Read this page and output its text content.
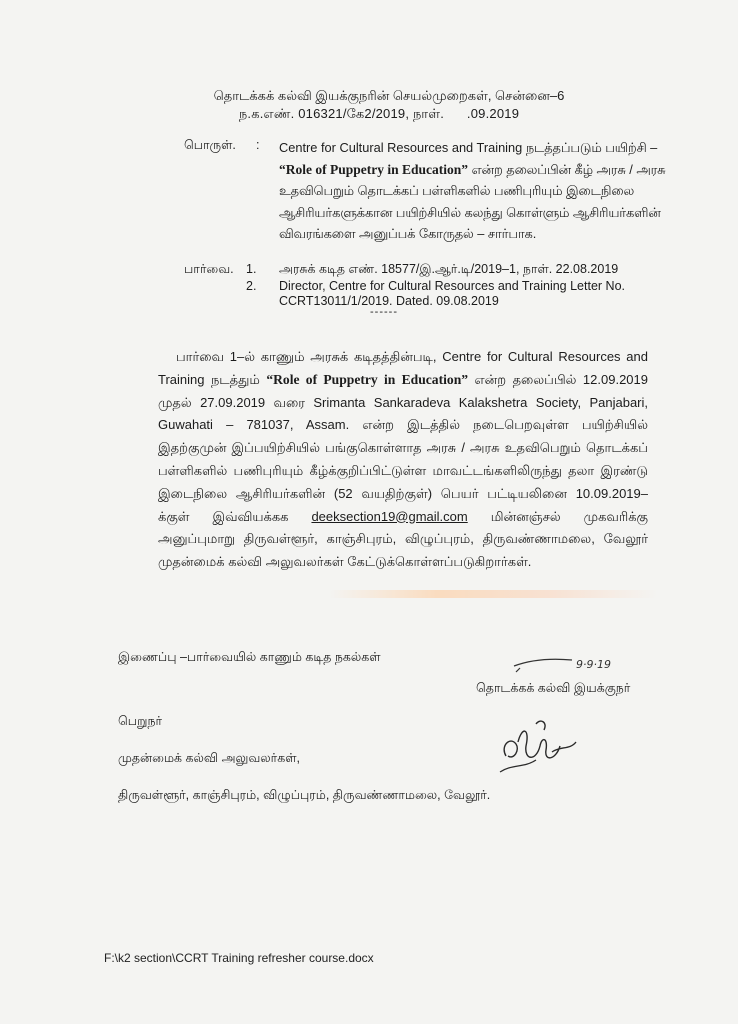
தொடக்கக் கல்வி இயக்குநரின் செயல்முறைகள், சென்னை–6
ந.க.எண். 016321/கே2/2019, நாள்.      .09.2019
பொருள். : Centre for Cultural Resources and Training நடத்தப்படும் பயிற்சி – “Role of Puppetry in Education” என்ற தலைப்பின் கீழ் அரசு / அரசு உதவிபெறும் தொடக்கப் பள்ளிகளில் பணிபுரியும் இடைநிலை ஆசிரியர்களுக்கான பயிற்சியில் கலந்து கொள்ளும் ஆசிரியர்களின் விவரங்களை அனுப்பக் கோருதல் – சார்பாக.
பார்வை. 1. அரசுக் கடித எண். 18577/இ.ஆர்.டி/2019–1, நாள். 22.08.2019
2. Director, Centre for Cultural Resources and Training Letter No. CCRT13011/1/2019. Dated. 09.08.2019
------
பார்வை 1–ல் காணும் அரசுக் கடிதத்தின்படி, Centre for Cultural Resources and Training நடத்தும் “Role of Puppetry in Education” என்ற தலைப்பில் 12.09.2019 முதல் 27.09.2019 வரை Srimanta Sankaradeva Kalakshetra Society, Panjabari, Guwahati – 781037, Assam. என்ற இடத்தில் நடைபெறவுள்ள பயிற்சியில் இதற்குமுன் இப்பயிற்சியில் பங்குகொள்ளாத அரசு / அரசு உதவிபெறும் தொடக்கப் பள்ளிகளில் பணிபுரியும் கீழ்க்குறிப்பிட்டுள்ள மாவட்டங்களிலிருந்து தலா இரண்டு இடைநிலை ஆசிரியர்களின் (52 வயதிற்குள்) பெயர் பட்டியலினை 10.09.2019–க்குள் இவ்வியக்கக deeksection19@gmail.com மின்னஞ்சல் முகவரிக்கு அனுப்புமாறு திருவள்ளூர், காஞ்சிபுரம், விழுப்புரம், திருவண்ணாமலை, வேலூர் முதன்மைக் கல்வி அலுவலர்கள் கேட்டுக்கொள்ளப்படுகிறார்கள்.
இணைப்பு –பார்வையில் காணும் கடித நகல்கள்
9·9·19
தொடக்கக் கல்வி இயக்குநர்
பெறுநர்
முதன்மைக் கல்வி அலுவலர்கள்,
திருவள்ளூர், காஞ்சிபுரம், விழுப்புரம், திருவண்ணாமலை, வேலூர்.
F:\k2 section\CCRT Training refresher course.docx
